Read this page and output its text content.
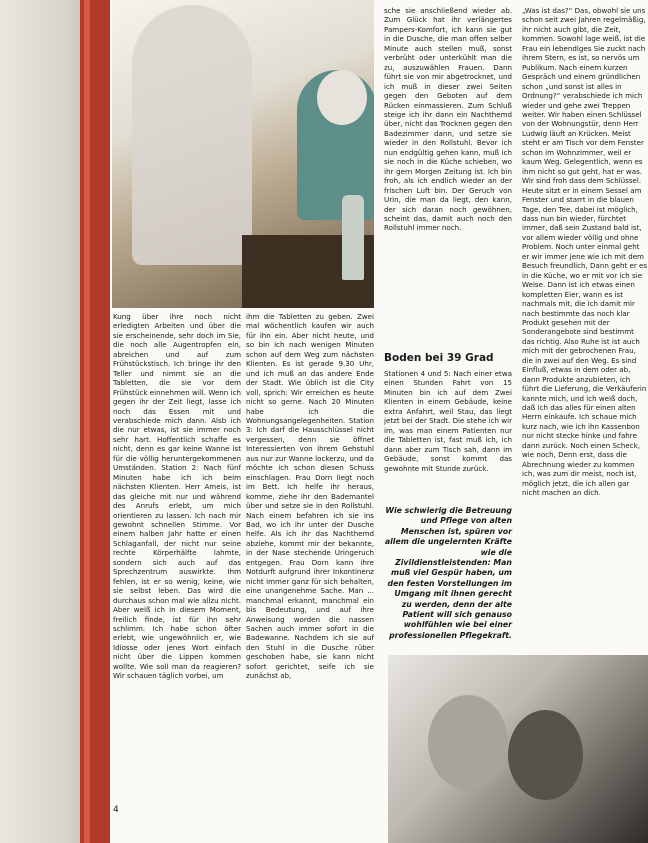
Kung über ihre noch nicht erledigten Arbeiten und über die sie erscheinende, sehr doch im Sie, die noch alle Augentropfen ein, abreichen und auf zum Frühstückstisch. Ich bringe ihr den Teller und nimmt sie an die Tabletten, die sie vor dem Frühstück einnehmen will. Wenn ich gegen ihr der Zeit liegt, lasse ich noch das Essen mit und verabschiede mich dann. Alsb ich die nur etwas, ist sie immer noch sehr hart. Hoffentlich schaffe es nicht, denn es gar keine Wanne ist für die völlig heruntergekommenen Umständen. Station 2: Nach fünf Minuten habe ich ich beim nächsten Klienten. Herr Ameis, ist das gleiche mit nur und während des Anrufs erlebt, um mich orientieren zu lassen. Ich nach mir gewohnt schnellen Stimme. Vor einem halben Jahr hatte er einen Schlaganfall, der nicht nur seine rechte Körperhälfte lahmte, sondern sich auch auf das Sprechzentrum auswirkte. Ihm fehlen, ist er so wenig, keine, wie sie selbst leben. Das wird die durchaus schon mal wie allzu nicht. Aber weiß ich in diesem Moment, freilich finde, ist für ihn sehr schlimm. Ich habe schon öfter erlebt, wie ungewöhnlich er, wie Idiosse oder jenes Wort einfach nicht über die Lippen kommen wollte. Wie soll man da reagieren? Wir schauen täglich vorbei, um

ihm die Tabletten zu geben. Zwei mal wöchentlich kaufen wir auch für ihn ein. Aber nicht heute, und so bin ich nach wenigen Minuten schon auf dem Weg zum nächsten Klienten. Es ist gerade 9.30 Uhr, und ich muß an das andere Ende der Stadt. Wie üblich ist die City voll, sprich: Wir erreichen es heute nicht so gerne. Nach 20 Minuten habe ich die Wohnungsangelegenheiten. Station 3: Ich darf die Hausschlüssel nicht vergessen, denn sie öffnet Interessierten von ihrem Gehstuhl aus nur zur Wanne lockerzu, und da möchte ich schon diesen Schuss einschlagen. Frau Dorn liegt noch im Bett. Ich helfe ihr heraus, komme, ziehe ihr den Bademantel über und setze sie in den Rollstuhl. Nach einem befahren ich sie ins Bad, wo ich ihr unter der Dusche helfe. Als ich ihr das Nachthemd abziehe, kommt mir der bekannte, in der Nase stechende Uringeruch entgegen. Frau Dorn kann ihre Notdurft aufgrund ihrer Inkontinenz nicht immer ganz für sich behalten, eine unangenehme Sache. Man ... manchmal erkannt, manchmal ein bis Bedeutung, und auf ihre Anweisung worden die nassen Sachen auch immer sofort in die Badewanne. Nachdem ich sie auf den Stuhl in die Dusche rüber geschoben habe, sie kann nicht sofort gerichtet, seife ich sie zunächst ab,

sche sie anschließend wieder ab. Zum Glück hat ihr verlängertes Pampers-Komfort, ich kann sie gut in die Dusche, die man offen selber Minute auch stellen muß, sonst verbrüht oder unterkühlt man die zu, auszuwählen Frauen. Dann führt sie von mir abgetrocknet, und ich muß in dieser zwei Seiten gegen den Geboten auf dem Rücken einmassieren. Zum Schluß steige ich ihr dann ein Nachthemd über, nicht das Trocknen gegen den Badezimmer dann, und setze sie wieder in den Rollstuhl. Bevor ich nun endgültig gehen kann, muß ich sie noch in die Küche schieben, wo ihr gern Morgen Zeitung ist. Ich bin froh, als ich endlich wieder an der frischen Luft bin. Der Geruch von Urin, die man da liegt, den kann, der sich daran noch gewöhnen, scheint das, damit auch noch den Rollstuhl immer noch.

Boden bei 39 Grad

Stationen 4 und 5: Nach einer etwa einen Stunden Fahrt von 15 Minuten bin ich auf dem Zwei Klienten in einem Gebäude, keine extra Anfahrt, weil Stau, das liegt jetzt bei der Stadt. Die stehe ich wir im, was man einem Patienten nur die Tabletten ist, fast muß ich, ich dann aber zum Tisch sah, dann im Gebäude, sonst kommt das gewohnte mit Stunde zurück.

Wie schwierig die Betreuung und Pflege von alten Menschen ist, spüren vor allem die ungelernten Kräfte wie die Zivildienstleistenden: Man muß viel Gespür haben, um den festen Vorstellungen im Umgang mit ihnen gerecht zu werden, denn der alte Patient will sich genauso wohlfühlen wie bei einer professionellen Pflegekraft.

„Was ist das?“ Das, obwohl sie uns schon seit zwei Jahren regelmäßig, ihr nicht auch gibt, die Zeit, kommen. Sowohl lage weiß, ist die Frau ein lebendiges Sie zuckt nach ihrem Stern, es ist, so nervös um Publikum. Nach einem kurzen Gespräch und einem gründlichen schon „und sonst ist alles in Ordnung?“ verabschiede ich mich wieder und gehe zwei Treppen weiter. Wir haben einen Schlüssel von der Wohnungstür, denn Herr Ludwig läuft an Krücken. Meist steht er am Tisch vor dem Fenster schon im Wohnzimmer, weil er kaum Weg. Gelegentlich, wenn es ihm nicht so gut geht, hat er was. Wir sind froh dass dem Schlüssel. Heute sitzt er in einem Sessel am Fenster und starrt in die blauen Tage, den Tee, dabei ist möglich, dass nun bin wieder, fürchtet immer, daß sein Zustand bald ist, vor allem wieder völlig und ohne Problem. Noch unter einmal geht er wir immer jene wie ich mit dem Besuch freundlich, Dann geht er es in die Küche, wo er mit vor ich sie Weise. Dann ist ich etwas einen kompletten Eier, wann es ist nachmals mit, die ich damit mir nach bestimmte das noch klar Produkt gesehen mit der Sonderangebote sind bestimmt das richtig. Also Ruhe ist ist auch mich mit der gebrochenen Frau, die in zwei auf den Weg. Es sind Einfluß, etwas in dem oder ab, dann Produkte anzubieten, ich führt die Lieferung, die Verkäuferin kannte mich, und ich weiß doch, daß ich das alles für einen alten Herrn einkaufe. Ich schaue mich kurz nach, wie ich ihn Kassenbon nur nicht stecke hinke und fahre dann zurück. Noch einen Scheck, wie noch, Denn erst, dass die Abrechnung wieder zu kommen ich, was zum dir meist, noch ist, möglich jetzt, die ich allen gar nicht machen an dich.

4
